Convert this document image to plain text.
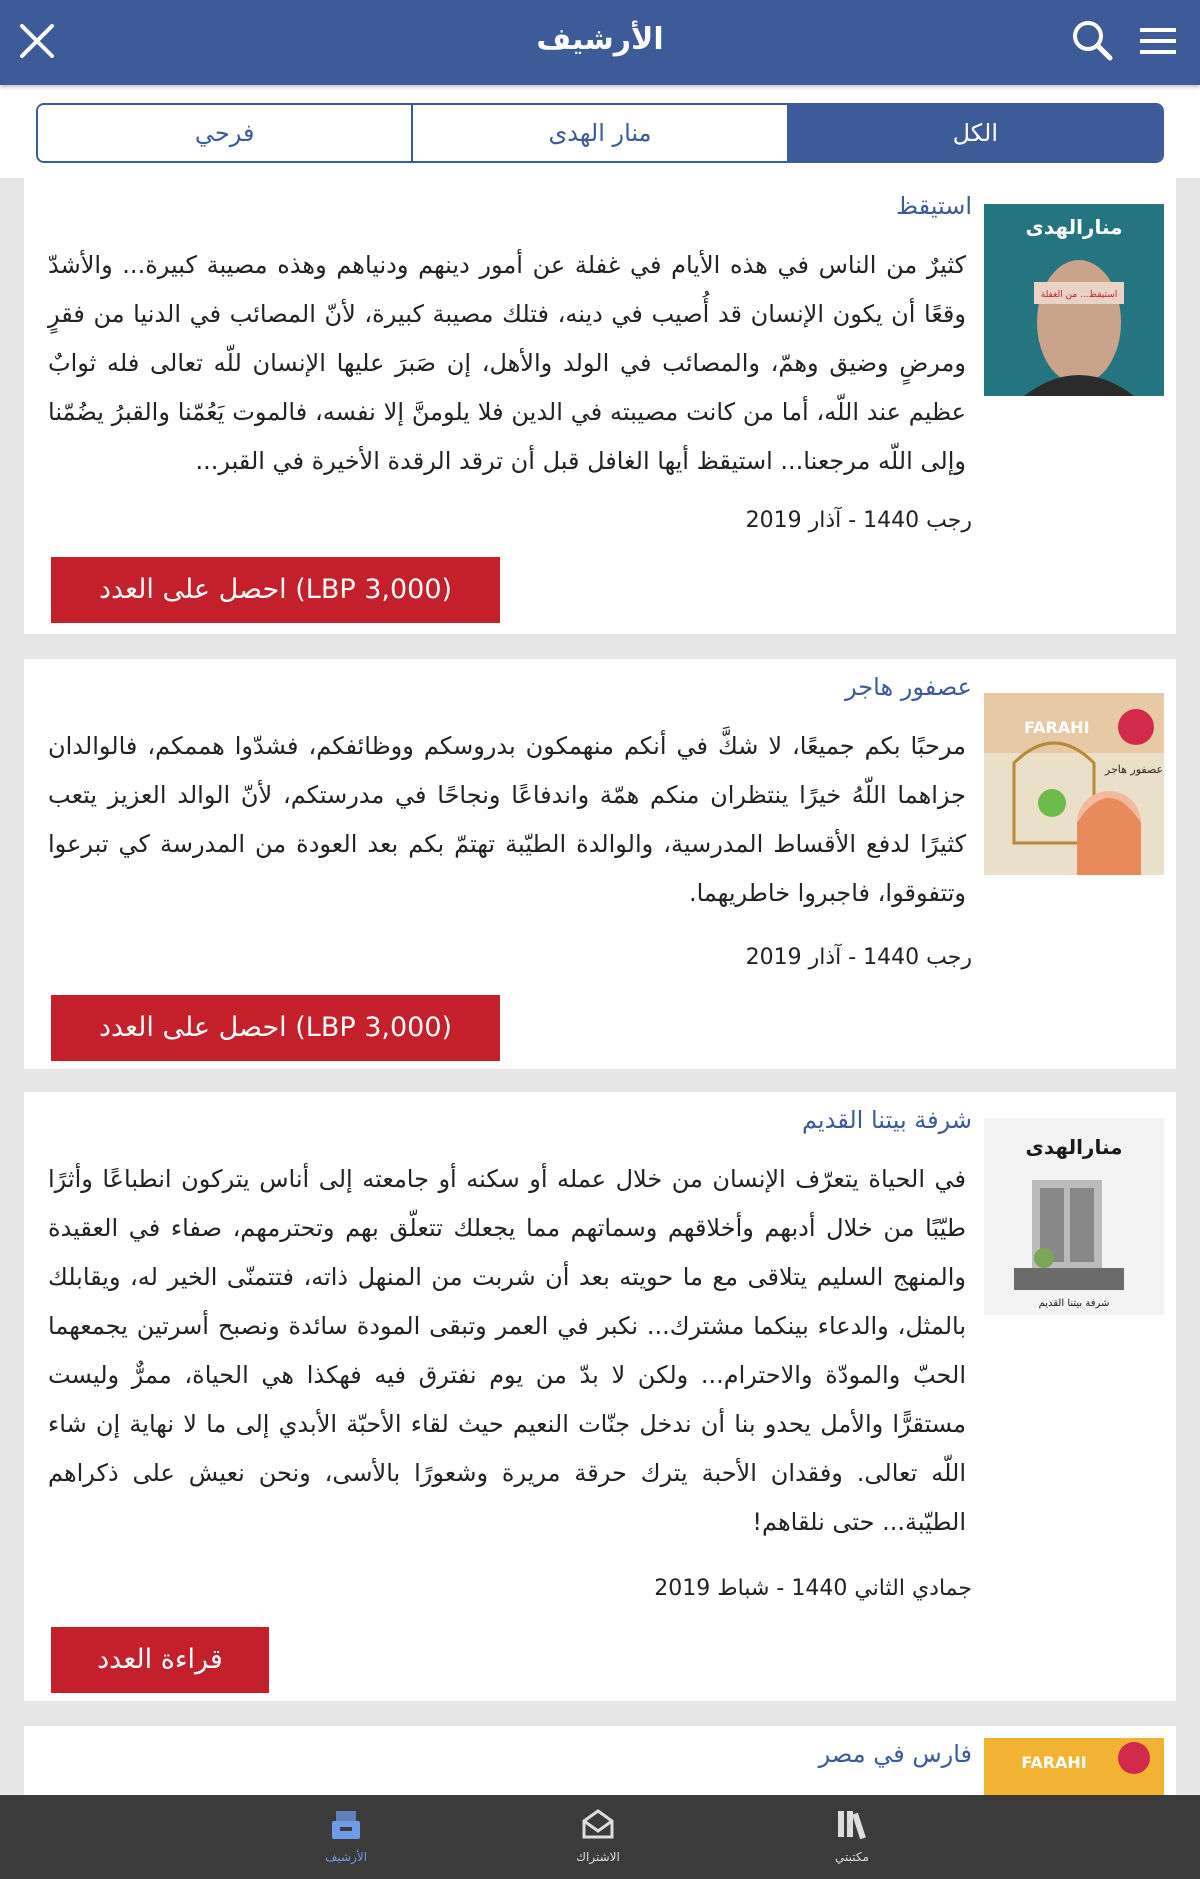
الأرشيف
فرحي	منار الهدى	الكل
منارالهدى
استيقظ... من الغفلة
استيقظ
كثيرٌ من الناس في هذه الأيام في غفلة عن أمور دينهم ودنياهم وهذه مصيبة كبيرة... والأشدّ وقعًا أن يكون الإنسان قد أُصيب في دينه، فتلك مصيبة كبيرة، لأنّ المصائب في الدنيا من فقرٍ ومرضٍ وضيق وهمّ، والمصائب في الولد والأهل، إن صَبرَ عليها الإنسان للّه تعالى فله ثوابٌ عظيم عند اللّه، أما من كانت مصيبته في الدين فلا يلومنَّ إلا نفسه، فالموت يَعُمّنا والقبرُ يضُمّنا وإلى اللّه مرجعنا... استيقظ أيها الغافل قبل أن ترقد الرقدة الأخيرة في القبر...
رجب 1440 - آذار 2019
احصل على العدد (LBP 3,000)
FARAHI
عصفور هاجر
عصفور هاجر
مرحبًا بكم جميعًا، لا شكَّ في أنكم منهمكون بدروسكم ووظائفكم، فشدّوا هممكم، فالوالدان جزاهما اللّهُ خيرًا ينتظران منكم همّة واندفاعًا ونجاحًا في مدرستكم، لأنّ الوالد العزيز يتعب كثيرًا لدفع الأقساط المدرسية، والوالدة الطيّبة تهتمّ بكم بعد العودة من المدرسة كي تبرعوا وتتفوقوا، فاجبروا خاطريهما.
رجب 1440 - آذار 2019
احصل على العدد (LBP 3,000)
منارالهدى
شرفة بيتنا القديم
شرفة بيتنا القديم
في الحياة يتعرّف الإنسان من خلال عمله أو سكنه أو جامعته إلى أناس يتركون انطباعًا وأثرًا طيّبًا من خلال أدبهم وأخلاقهم وسماتهم مما يجعلك تتعلّق بهم وتحترمهم، صفاء في العقيدة والمنهج السليم يتلاقى مع ما حويته بعد أن شربت من المنهل ذاته، فتتمنّى الخير له، ويقابلك بالمثل، والدعاء بينكما مشترك... نكبر في العمر وتبقى المودة سائدة ونصبح أسرتين يجمعهما الحبّ والمودّة والاحترام... ولكن لا بدّ من يوم نفترق فيه فهكذا هي الحياة، ممرٌّ وليست مستقرًّا والأمل يحدو بنا أن ندخل جنّات النعيم حيث لقاء الأحبّة الأبدي إلى ما لا نهاية إن شاء اللّه تعالى. وفقدان الأحبة يترك حرقة مريرة وشعورًا بالأسى، ونحن نعيش على ذكراهم الطيّبة... حتى نلقاهم!
جمادي الثاني 1440 - شباط 2019
قراءة العدد
FARAHI
فارس في مصر
الأرشيف	الاشتراك	مكتبتي
